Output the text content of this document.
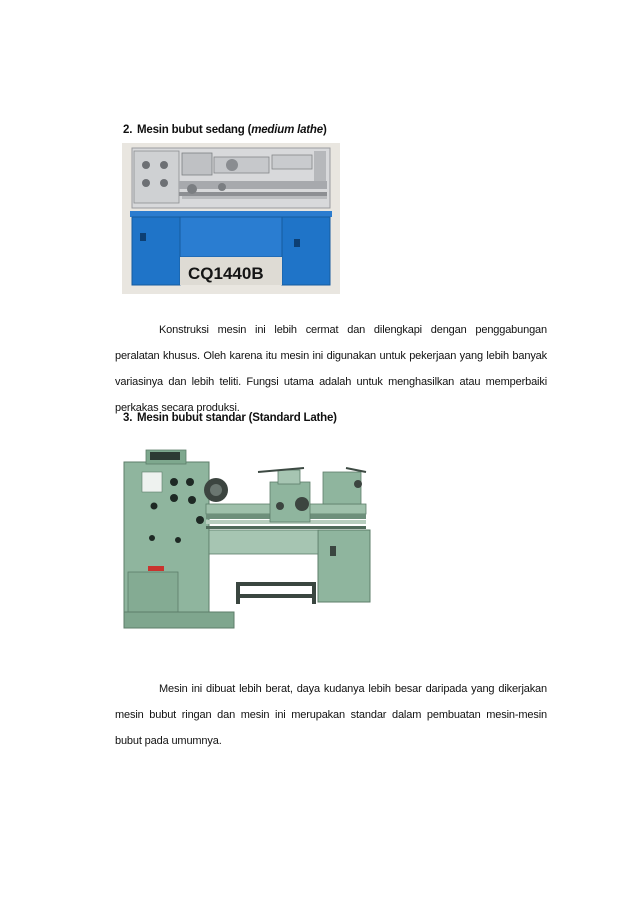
2. Mesin bubut sedang (medium lathe)
CQ1440B
Konstruksi mesin ini lebih cermat dan dilengkapi dengan penggabungan peralatan khusus. Oleh karena itu mesin ini digunakan untuk pekerjaan yang lebih banyak variasinya dan lebih teliti. Fungsi utama adalah untuk menghasilkan atau memperbaiki perkakas secara produksi.
3. Mesin bubut standar (Standard Lathe)
Mesin ini dibuat lebih berat, daya kudanya lebih besar daripada yang dikerjakan mesin bubut ringan dan mesin ini merupakan standar dalam pembuatan mesin-mesin bubut pada umumnya.
